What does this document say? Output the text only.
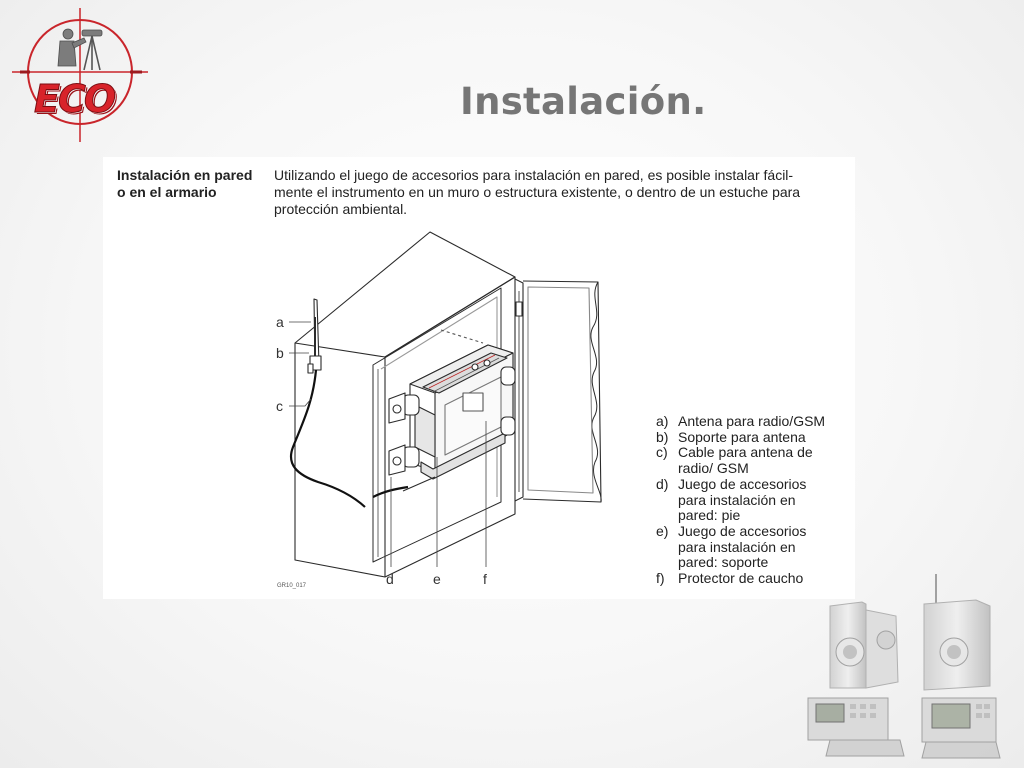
ECO	Instalación.
Instalación en pared
o en el armario
Utilizando el juego de accesorios para instalación en pared, es posible instalar fácil-
mente el instrumento en un muro o estructura existente, o dentro de un estuche para
protección ambiental.
a
b
c
d	e	f
GR10_017
a) Antena para radio/GSM
b) Soporte para antena
c) Cable para antena de
radio/ GSM
d) Juego de accesorios
para instalación en
pared: pie
e) Juego de accesorios
para instalación en
pared: soporte
f) Protector de caucho
